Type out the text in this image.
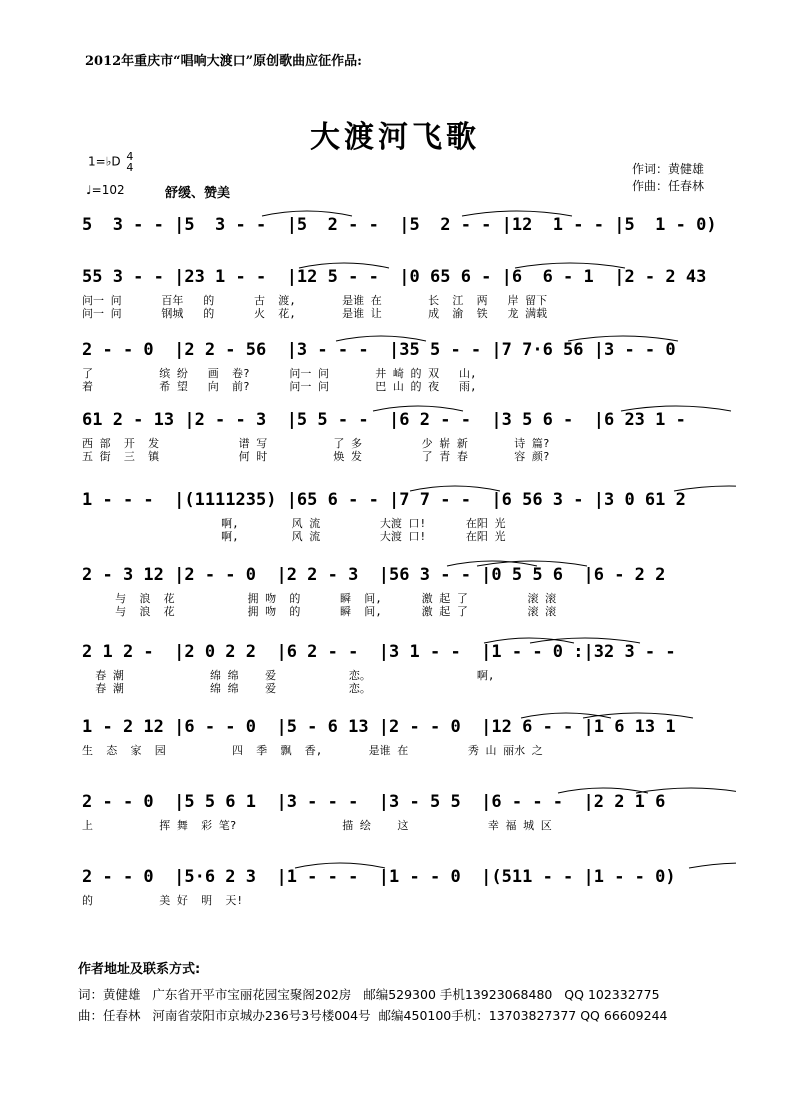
2012年重庆市“唱响大渡口”原创歌曲应征作品:
大渡河飞歌
作词：黄健雄
作曲：任春林
1=♭D 4
4
♩=102	舒缓、赞美
5  3 - - |5  3 - -  |5  2 - -  |5  2 - - |12  1 - - |5  1 - 0)
55 3 - - |23 1 - -  |12 5 - -  |0 65 6 - |6  6 - 1  |2 - 2 43
问一 问      百年   的      古  渡,       是谁 在       长  江  两   岸 留下
问一 问      钢城   的      火  花,       是谁 让       成  渝  铁   龙 满载
2 - - 0  |2 2 - 56  |3 - - -  |35 5 - - |7 7·6 56 |3 - - 0
了          缤 纷   画  卷?      问一 问       井 崎 的 双   山,
着          希 望   向  前?      问一 问       巴 山 的 夜   雨,
61 2 - 13 |2 - - 3  |5 5 - -  |6 2 - -  |3 5 6 -  |6 23 1 -
西 部  开  发            谱 写          了 多         少 崭 新       诗 篇?
五 街  三  镇            何 时          焕 发         了 青 春       容 颜?
1 - - -  |(1111235) |65 6 - - |7 7 - -  |6 56 3 - |3 0 61 2
啊,        风 流         大渡 口!      在阳 光
啊,        风 流         大渡 口!      在阳 光
2 - 3 12 |2 - - 0  |2 2 - 3  |56 3 - - |0 5 5 6  |6 - 2 2
与  浪  花           拥 吻  的      瞬  间,      激 起 了         滚 滚
与  浪  花           拥 吻  的      瞬  间,      激 起 了         滚 滚
2 1 2 -  |2 0 2 2  |6 2 - -  |3 1 - -  |1 - - 0 :|32 3 - -
春 潮             绵 绵    爱           恋。                啊,
春 潮             绵 绵    爱           恋。
1 - 2 12 |6 - - 0  |5 - 6 13 |2 - - 0  |12 6 - - |1 6 13 1
生  态  家  园          四  季  飘  香,       是谁 在         秀 山 丽水 之
2 - - 0  |5 5 6 1  |3 - - -  |3 - 5 5  |6 - - -  |2 2 1 6
上          挥 舞  彩 笔?                描 绘    这            幸 福 城 区
2 - - 0  |5·6 2 3  |1 - - -  |1 - - 0  |(511 - - |1 - - 0)
的          美 好  明  天!
作者地址及联系方式:
词：黄健雄   广东省开平市宝丽花园宝聚阁202房   邮编529300 手机13923068480   QQ 102332775
曲：任春林   河南省荥阳市京城办236号3号楼004号  邮编450100手机：13703827377 QQ 66609244
